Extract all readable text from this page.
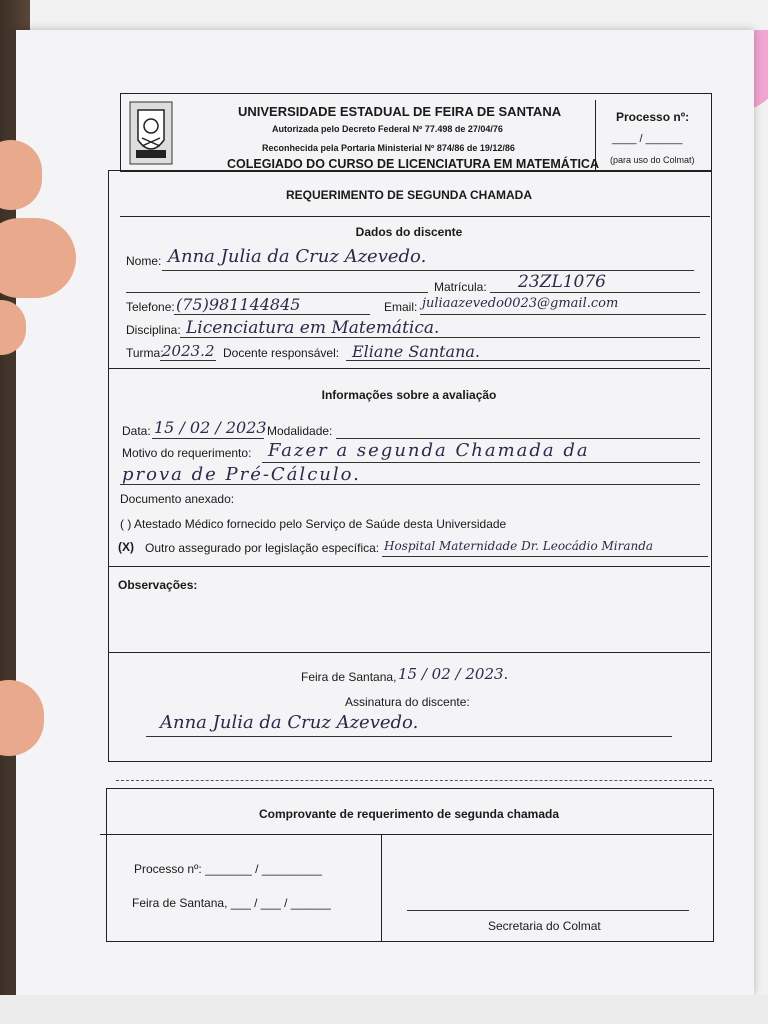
UNIVERSIDADE ESTADUAL DE FEIRA DE SANTANA
Autorizada pelo Decreto Federal Nº 77.498 de 27/04/76
Reconhecida pela Portaria Ministerial Nº 874/86 de 19/12/86
COLEGIADO DO CURSO DE LICENCIATURA EM MATEMÁTICA
Processo nº:
____ / ______
(para uso do Colmat)
REQUERIMENTO DE SEGUNDA CHAMADA
Dados do discente
Nome: Anna Julia da Cruz Azevedo.
Matrícula: 23ZL1076
Telefone: (75)981144845	Email: juliaazevedo0023@gmail.com
Disciplina: Licenciatura em Matemática.
Turma:
2023.2 Docente responsável: Eliane Santana.
Informações sobre a avaliação
Data: 15 / 02 / 2023 Modalidade:
Motivo do requerimento: Fazer a segunda Chamada da
prova de Pré-Cálculo.
Documento anexado:
( ) Atestado Médico fornecido pelo Serviço de Saúde desta Universidade
(X) Outro assegurado por legislação específica: Hospital Maternidade Dr. Leocádio Miranda
Observações:
Feira de Santana, 15 / 02 / 2023.
Assinatura do discente:
Anna Julia da Cruz Azevedo.
Comprovante de requerimento de segunda chamada
Processo nº: _______ / _________
Feira de Santana, ___ / ___ / ______
Secretaria do Colmat
